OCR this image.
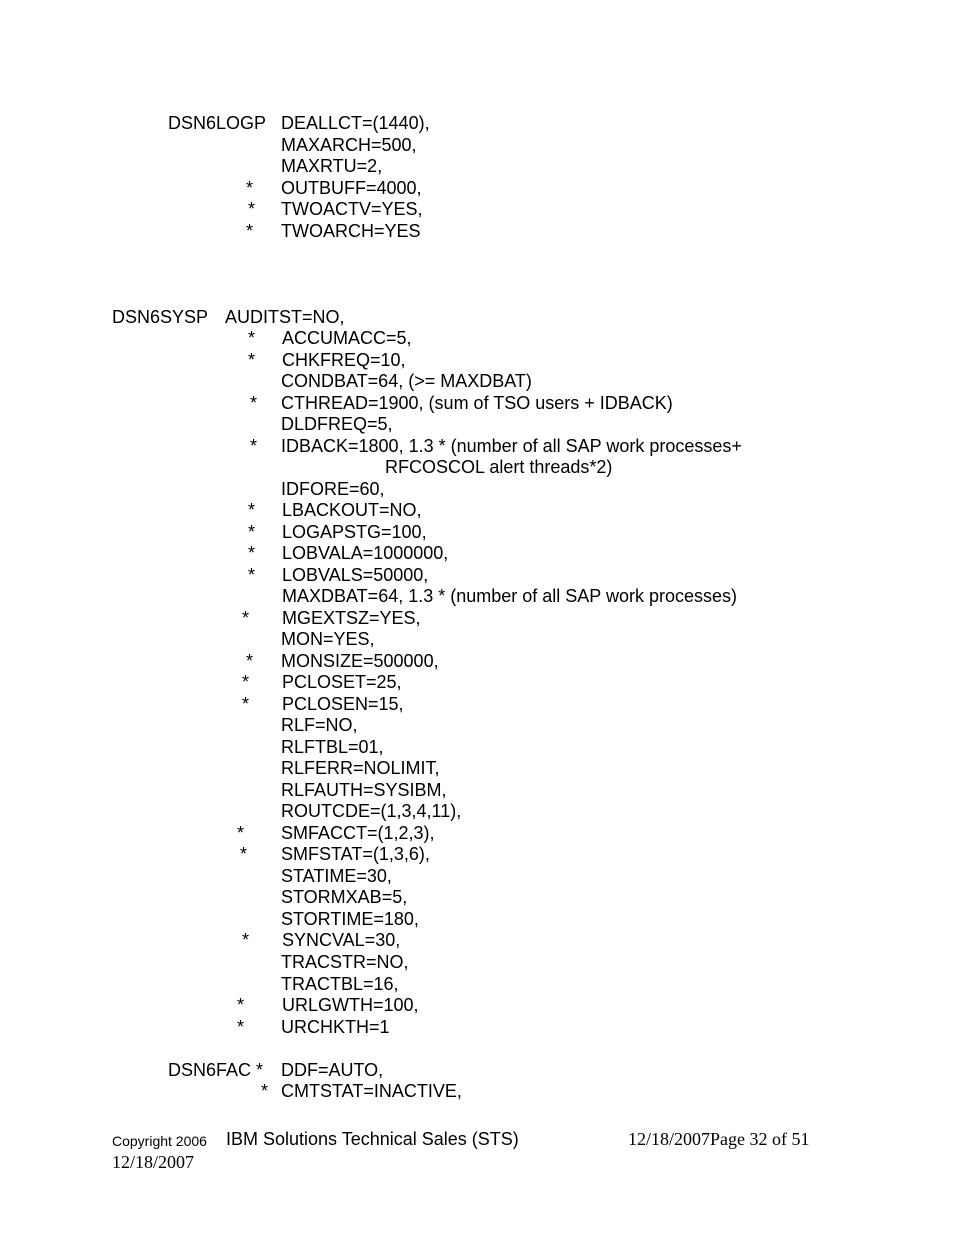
DSN6LOGP DEALLCT=(1440),
MAXARCH=500,
MAXRTU=2,
* OUTBUFF=4000,
* TWOACTV=YES,
* TWOARCH=YES
DSN6SYSP AUDITST=NO,
* ACCUMACC=5,
* CHKFREQ=10,
CONDBAT=64, (>= MAXDBAT)
* CTHREAD=1900, (sum of TSO users + IDBACK)
DLDFREQ=5,
* IDBACK=1800, 1.3 * (number of all SAP work processes+
RFCOSCOL alert threads*2)
IDFORE=60,
* LBACKOUT=NO,
* LOGAPSTG=100,
* LOBVALA=1000000,
* LOBVALS=50000,
MAXDBAT=64, 1.3 * (number of all SAP work processes)
* MGEXTSZ=YES,
MON=YES,
* MONSIZE=500000,
* PCLOSET=25,
* PCLOSEN=15,
RLF=NO,
RLFTBL=01,
RLFERR=NOLIMIT,
RLFAUTH=SYSIBM,
ROUTCDE=(1,3,4,11),
* SMFACCT=(1,2,3),
* SMFSTAT=(1,3,6),
STATIME=30,
STORMXAB=5,
STORTIME=180,
* SYNCVAL=30,
TRACSTR=NO,
TRACTBL=16,
* URLGWTH=100,
* URCHKTH=1
DSN6FAC * DDF=AUTO,
* CMTSTAT=INACTIVE,
Copyright 2006 IBM Solutions Technical Sales (STS)	12/18/2007Page 32 of 51
12/18/2007
